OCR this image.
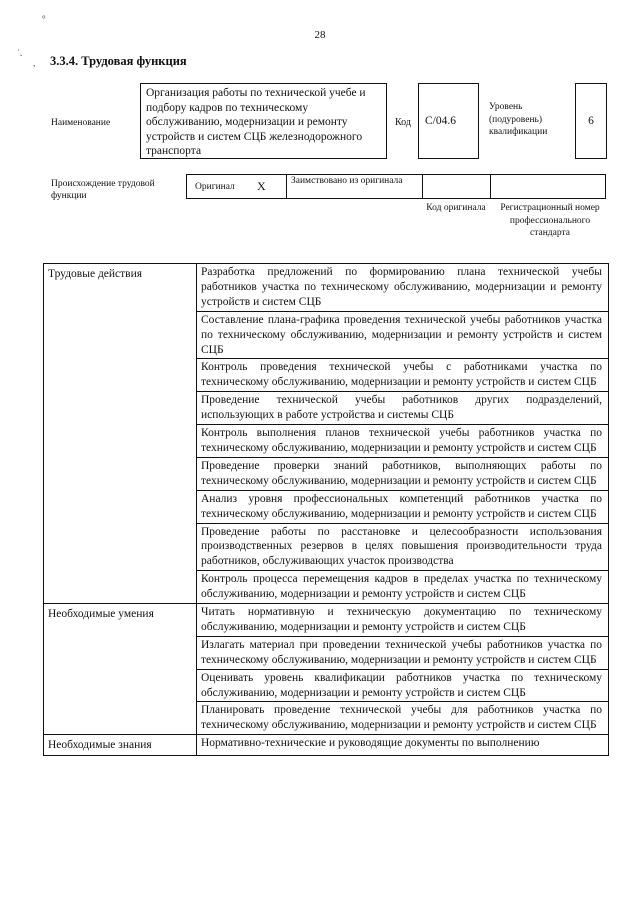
°
˙.
,
28
3.3.4. Трудовая функция
Наименование
Организация работы по технической учебе и подбору кадров по техническому обслуживанию, модернизации и ремонту устройств и систем СЦБ железнодорожного транспорта
Код	C/04.6
Уровень (подуровень) квалификации
6
Происхождение трудовой функции
Оригинал X	Заимствовано из оригинала
Код оригинала	Регистрационный номер профессионального стандарта
Трудовые действия	Разработка предложений по формированию плана технической учебы работников участка по техническому обслуживанию, модернизации и ремонту устройств и систем СЦБ
	Составление плана-графика проведения технической учебы работников участка по техническому обслуживанию, модернизации и ремонту устройств и систем СЦБ
	Контроль проведения технической учебы с работниками участка по техническому обслуживанию, модернизации и ремонту устройств и систем СЦБ
	Проведение технической учебы работников других подразделений, использующих в работе устройства и системы СЦБ
	Контроль выполнения планов технической учебы работников участка по техническому обслуживанию, модернизации и ремонту устройств и систем СЦБ
	Проведение проверки знаний работников, выполняющих работы по техническому обслуживанию, модернизации и ремонту устройств и систем СЦБ
	Анализ уровня профессиональных компетенций работников участка по техническому обслуживанию, модернизации и ремонту устройств и систем СЦБ
	Проведение работы по расстановке и целесообразности использования производственных резервов в целях повышения производительности труда работников, обслуживающих участок производства
	Контроль процесса перемещения кадров в пределах участка по техническому обслуживанию, модернизации и ремонту устройств и систем СЦБ
Необходимые умения	Читать нормативную и техническую документацию по техническому обслуживанию, модернизации и ремонту устройств и систем СЦБ
	Излагать материал при проведении технической учебы работников участка по техническому обслуживанию, модернизации и ремонту устройств и систем СЦБ
	Оценивать уровень квалификации работников участка по техническому обслуживанию, модернизации и ремонту устройств и систем СЦБ
	Планировать проведение технической учебы для работников участка по техническому обслуживанию, модернизации и ремонту устройств и систем СЦБ
Необходимые знания	Нормативно-технические и руководящие документы по выполнению
